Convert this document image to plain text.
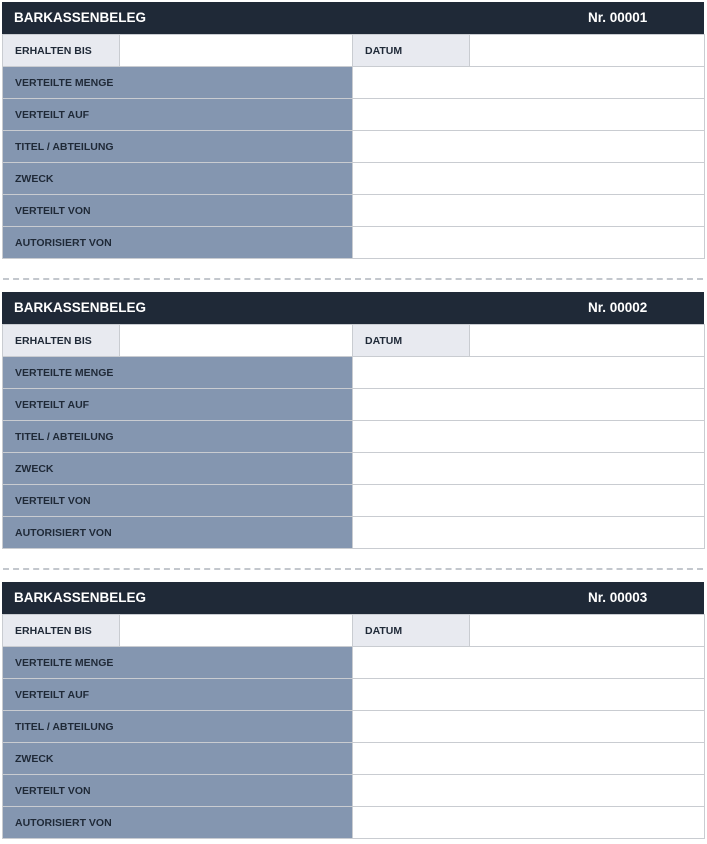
BARKASSENBELEG	Nr. 00001
ERHALTEN BIS		DATUM	
VERTEILTE MENGE			
VERTEILT AUF			
TITEL / ABTEILUNG			
ZWECK			
VERTEILT VON			
AUTORISIERT VON			
BARKASSENBELEG	Nr. 00002
ERHALTEN BIS		DATUM	
VERTEILTE MENGE			
VERTEILT AUF			
TITEL / ABTEILUNG			
ZWECK			
VERTEILT VON			
AUTORISIERT VON			
BARKASSENBELEG	Nr. 00003
ERHALTEN BIS		DATUM	
VERTEILTE MENGE			
VERTEILT AUF			
TITEL / ABTEILUNG			
ZWECK			
VERTEILT VON			
AUTORISIERT VON			
